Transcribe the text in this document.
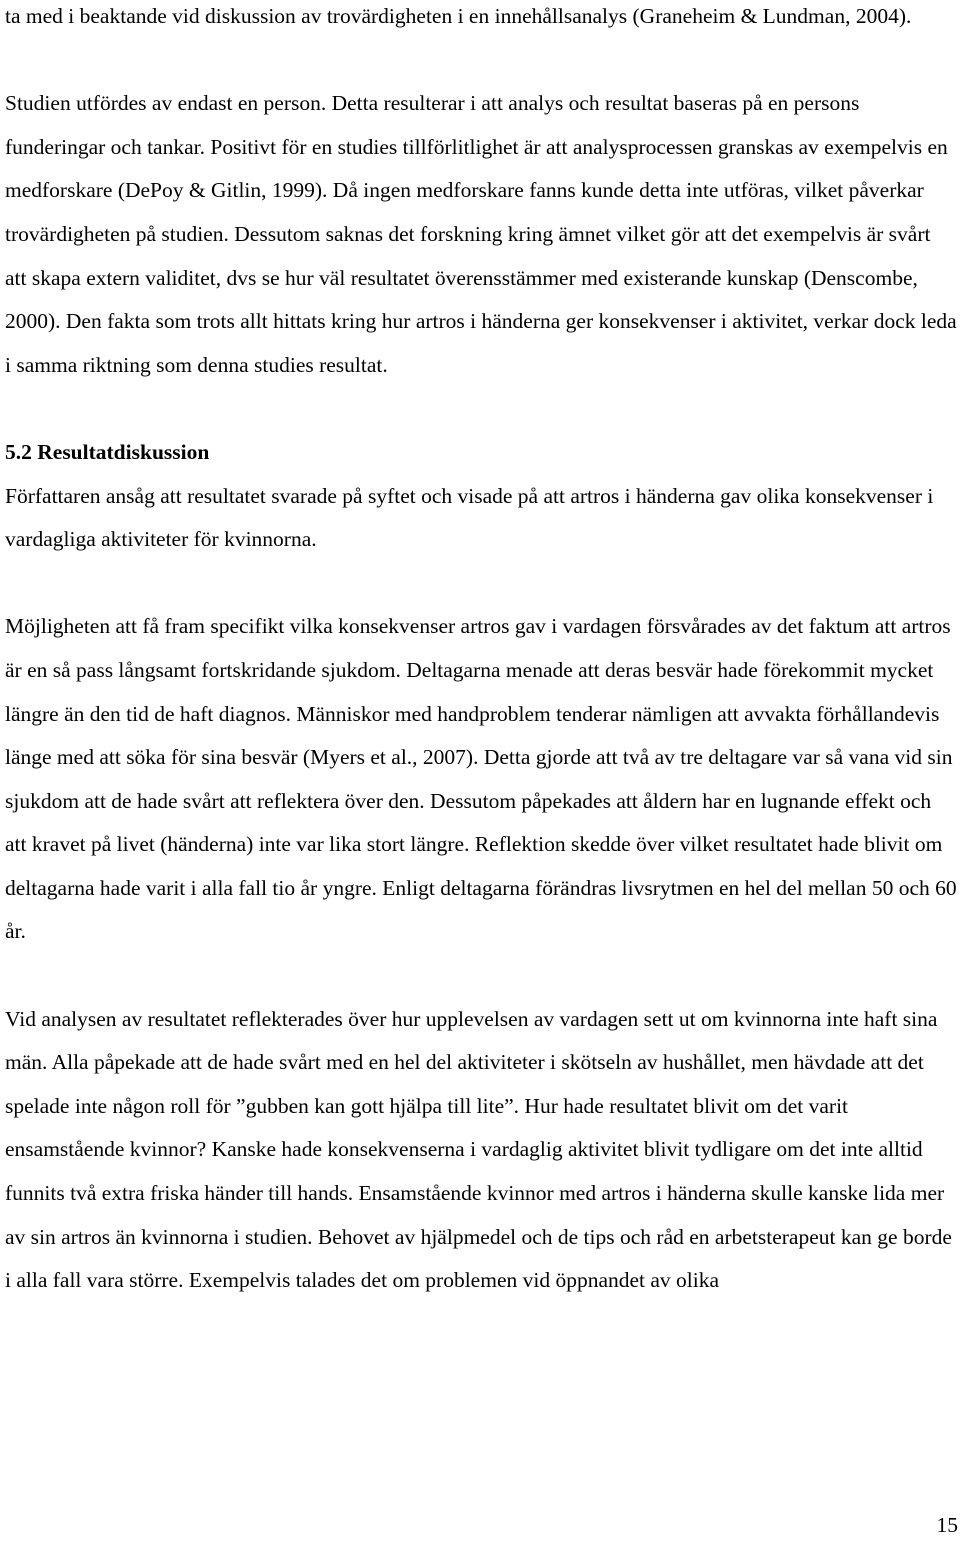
ta med i beaktande vid diskussion av trovärdigheten i en innehållsanalys (Graneheim & Lundman, 2004).

Studien utfördes av endast en person. Detta resulterar i att analys och resultat baseras på en persons funderingar och tankar. Positivt för en studies tillförlitlighet är att analysprocessen granskas av exempelvis en medforskare (DePoy & Gitlin, 1999). Då ingen medforskare fanns kunde detta inte utföras, vilket påverkar trovärdigheten på studien. Dessutom saknas det forskning kring ämnet vilket gör att det exempelvis är svårt att skapa extern validitet, dvs se hur väl resultatet överensstämmer med existerande kunskap (Denscombe, 2000). Den fakta som trots allt hittats kring hur artros i händerna ger konsekvenser i aktivitet, verkar dock leda i samma riktning som denna studies resultat.

5.2 Resultatdiskussion

Författaren ansåg att resultatet svarade på syftet och visade på att artros i händerna gav olika konsekvenser i vardagliga aktiviteter för kvinnorna.

Möjligheten att få fram specifikt vilka konsekvenser artros gav i vardagen försvårades av det faktum att artros är en så pass långsamt fortskridande sjukdom. Deltagarna menade att deras besvär hade förekommit mycket längre än den tid de haft diagnos. Människor med handproblem tenderar nämligen att avvakta förhållandevis länge med att söka för sina besvär (Myers et al., 2007). Detta gjorde att två av tre deltagare var så vana vid sin sjukdom att de hade svårt att reflektera över den. Dessutom påpekades att åldern har en lugnande effekt och att kravet på livet (händerna) inte var lika stort längre. Reflektion skedde över vilket resultatet hade blivit om deltagarna hade varit i alla fall tio år yngre. Enligt deltagarna förändras livsrytmen en hel del mellan 50 och 60 år.

Vid analysen av resultatet reflekterades över hur upplevelsen av vardagen sett ut om kvinnorna inte haft sina män. Alla påpekade att de hade svårt med en hel del aktiviteter i skötseln av hushållet, men hävdade att det spelade inte någon roll för ”gubben kan gott hjälpa till lite”. Hur hade resultatet blivit om det varit ensamstående kvinnor? Kanske hade konsekvenserna i vardaglig aktivitet blivit tydligare om det inte alltid funnits två extra friska händer till hands. Ensamstående kvinnor med artros i händerna skulle kanske lida mer av sin artros än kvinnorna i studien. Behovet av hjälpmedel och de tips och råd en arbetsterapeut kan ge borde i alla fall vara större. Exempelvis talades det om problemen vid öppnandet av olika

15
